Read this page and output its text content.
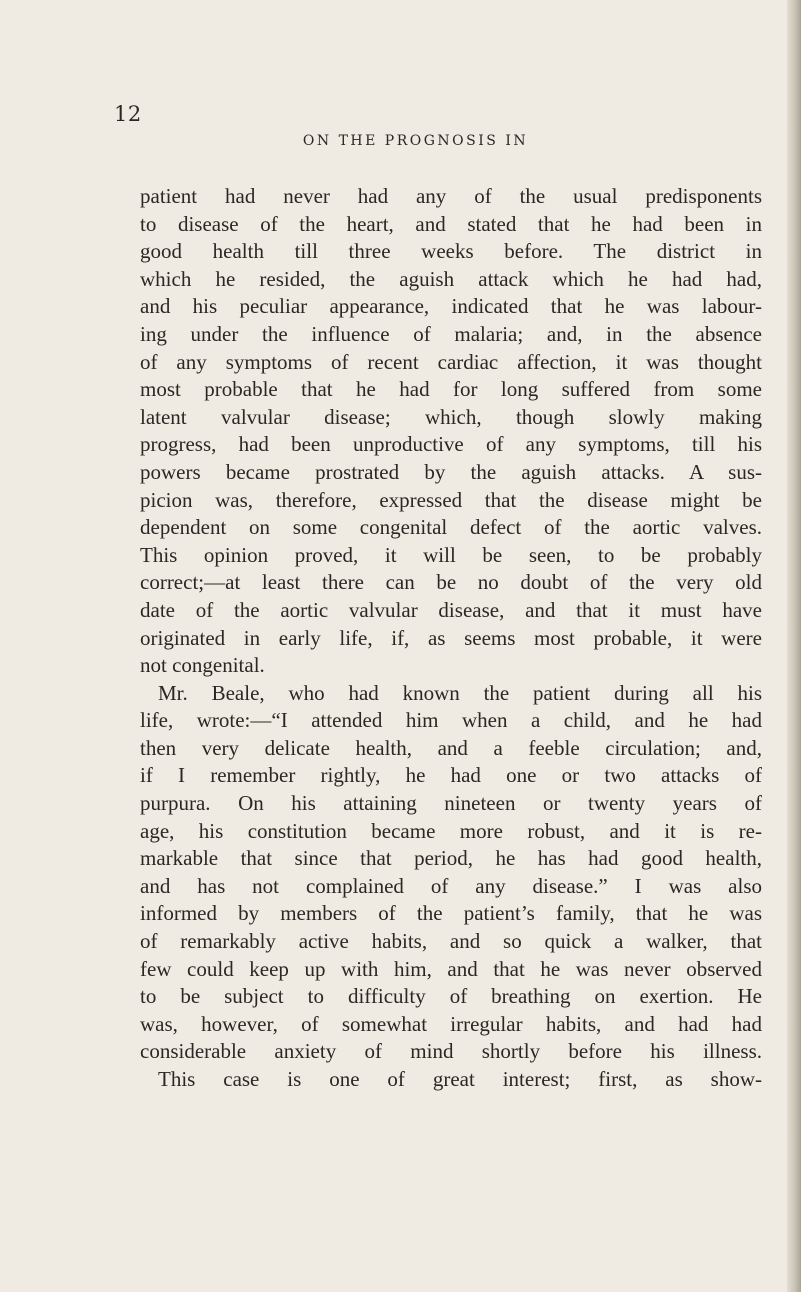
12
ON THE PROGNOSIS IN
patient had never had any of the usual predisponents
to disease of the heart, and stated that he had been in
good health till three weeks before. The district in
which he resided, the aguish attack which he had had,
and his peculiar appearance, indicated that he was labour-
ing under the influence of malaria; and, in the absence
of any symptoms of recent cardiac affection, it was thought
most probable that he had for long suffered from some
latent valvular disease; which, though slowly making
progress, had been unproductive of any symptoms, till his
powers became prostrated by the aguish attacks. A sus-
picion was, therefore, expressed that the disease might be
dependent on some congenital defect of the aortic valves.
This opinion proved, it will be seen, to be probably
correct;—at least there can be no doubt of the very old
date of the aortic valvular disease, and that it must have
originated in early life, if, as seems most probable, it were
not congenital.
Mr. Beale, who had known the patient during all his
life, wrote:—“I attended him when a child, and he had
then very delicate health, and a feeble circulation; and,
if I remember rightly, he had one or two attacks of
purpura. On his attaining nineteen or twenty years of
age, his constitution became more robust, and it is re-
markable that since that period, he has had good health,
and has not complained of any disease.” I was also
informed by members of the patient’s family, that he was
of remarkably active habits, and so quick a walker, that
few could keep up with him, and that he was never observed
to be subject to difficulty of breathing on exertion. He
was, however, of somewhat irregular habits, and had had
considerable anxiety of mind shortly before his illness.
This case is one of great interest; first, as show-
